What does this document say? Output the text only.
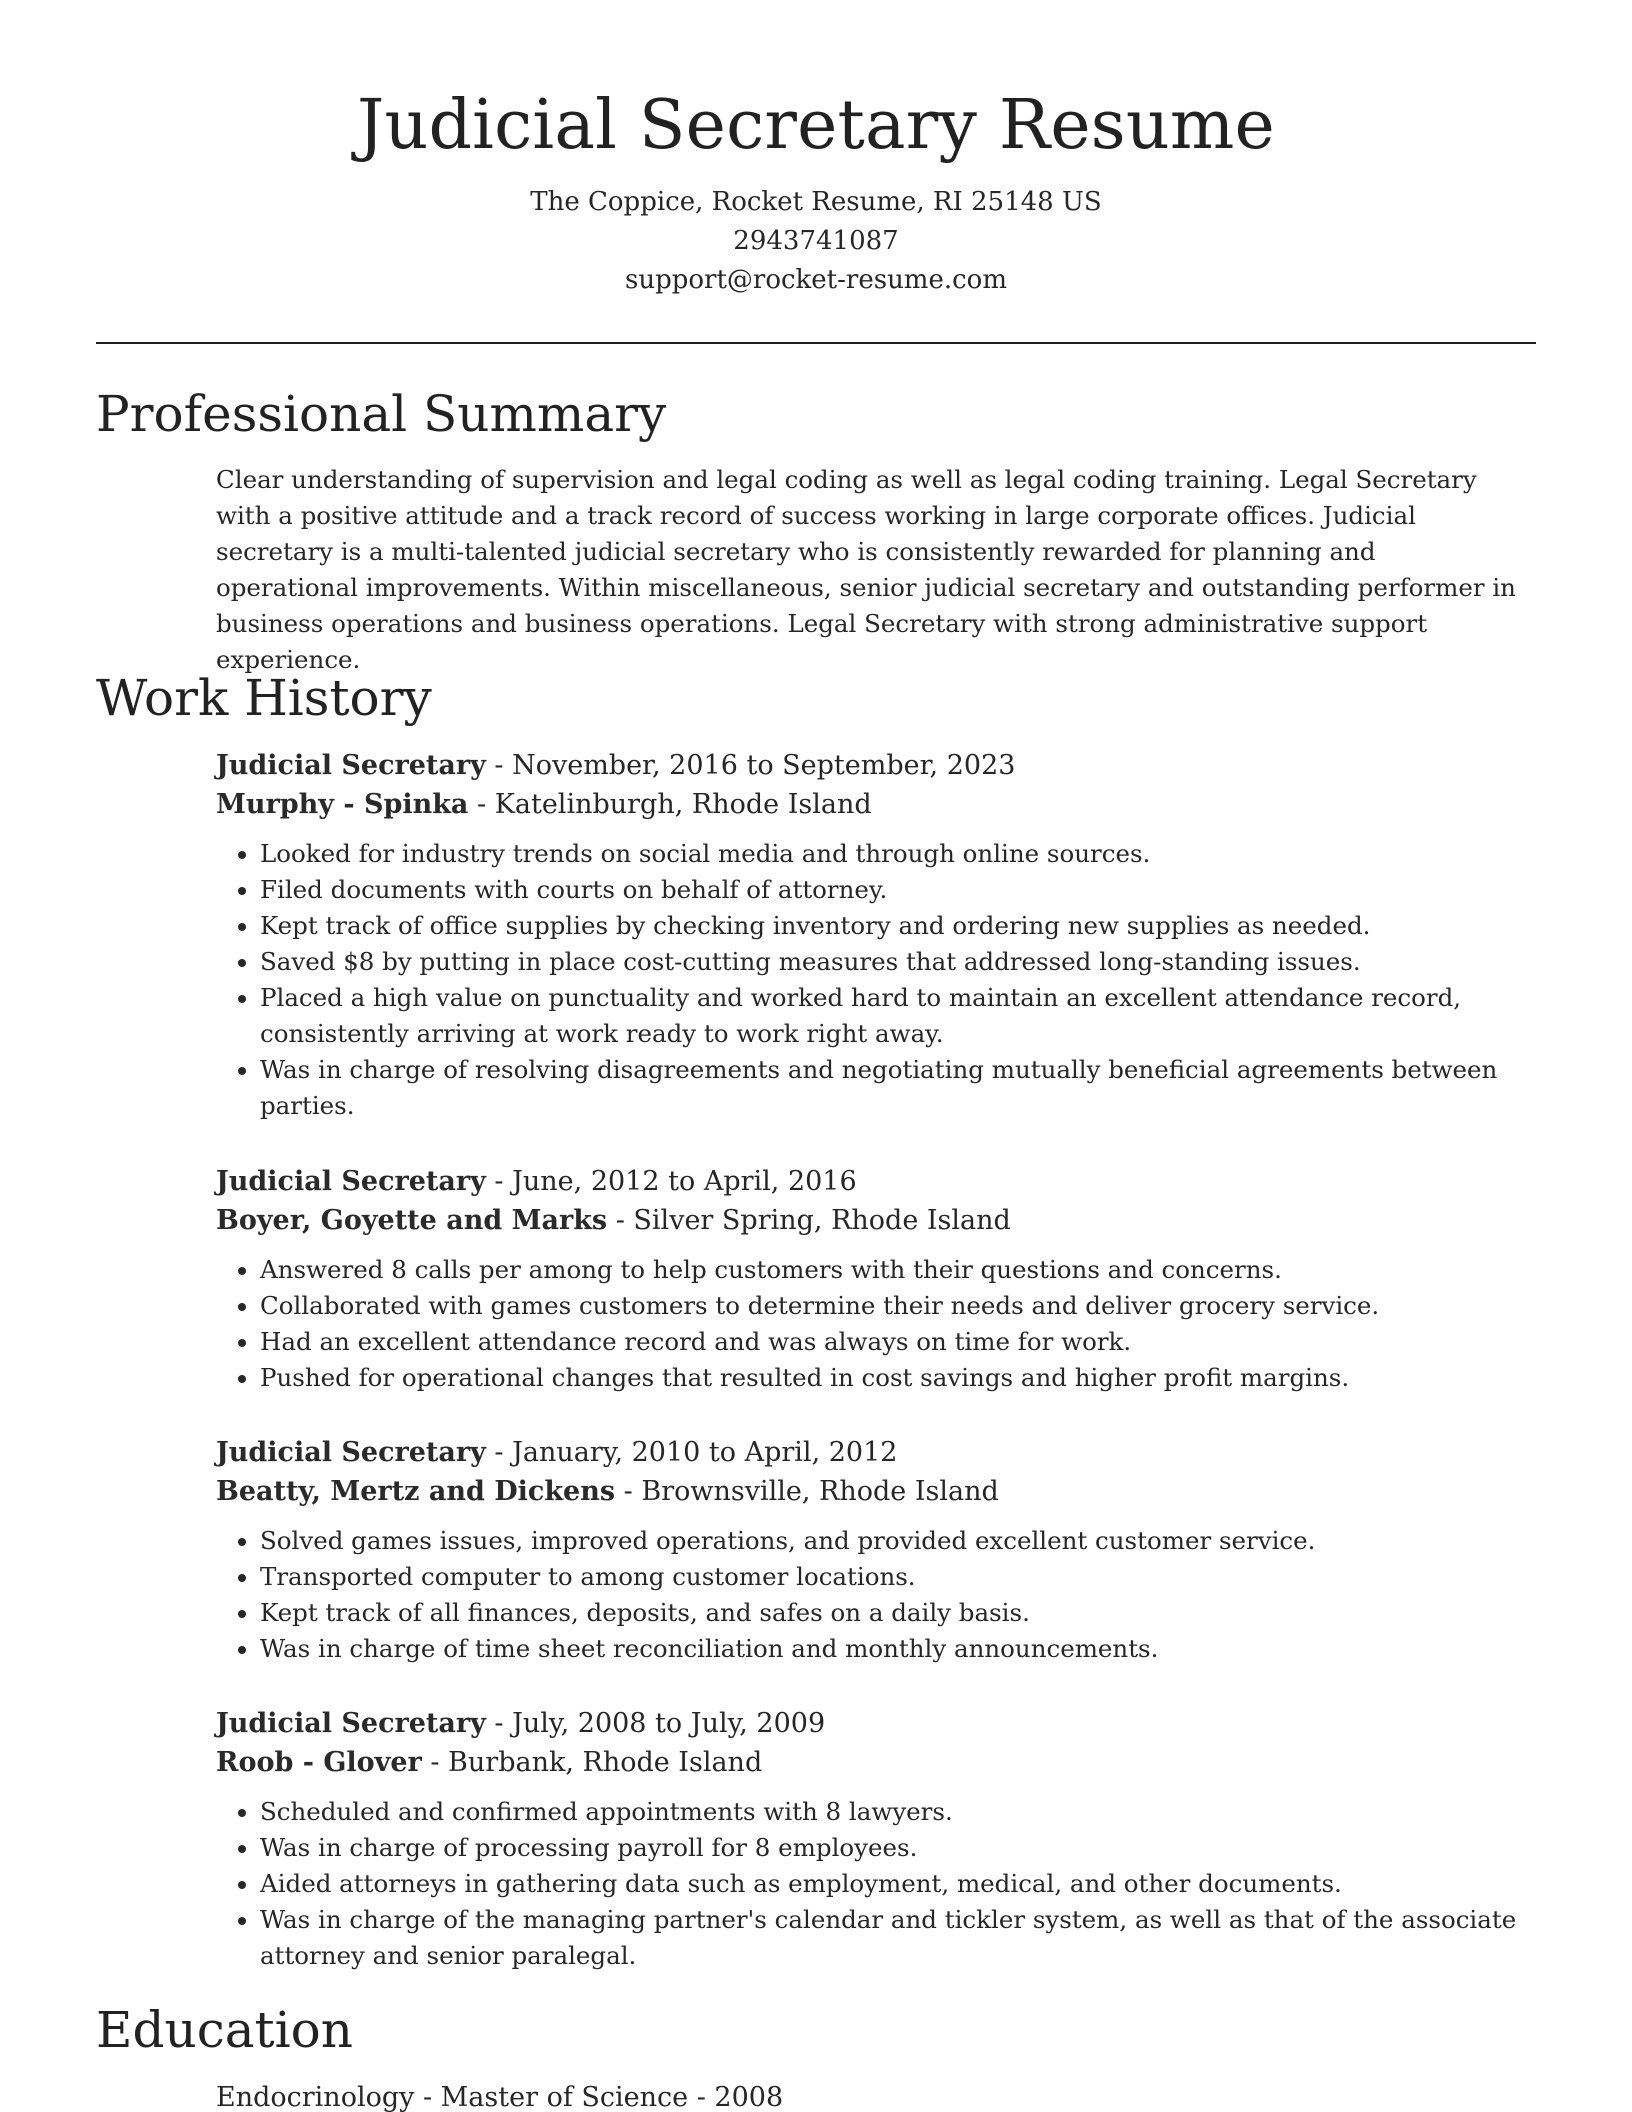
Judicial Secretary Resume

The Coppice, Rocket Resume, RI 25148 US

2943741087

support@rocket-resume.com

Professional Summary

Clear understanding of supervision and legal coding as well as legal coding training. Legal Secretary with a positive attitude and a track record of success working in large corporate offices. Judicial secretary is a multi-talented judicial secretary who is consistently rewarded for planning and operational improvements. Within miscellaneous, senior judicial secretary and outstanding performer in business operations and business operations. Legal Secretary with strong administrative support experience.

Work History

Judicial Secretary - November, 2016 to September, 2023

Murphy - Spinka - Katelinburgh, Rhode Island

• Looked for industry trends on social media and through online sources.
• Filed documents with courts on behalf of attorney.
• Kept track of office supplies by checking inventory and ordering new supplies as needed.
• Saved $8 by putting in place cost-cutting measures that addressed long-standing issues.
• Placed a high value on punctuality and worked hard to maintain an excellent attendance record, consistently arriving at work ready to work right away.
• Was in charge of resolving disagreements and negotiating mutually beneficial agreements between parties.

Judicial Secretary - June, 2012 to April, 2016

Boyer, Goyette and Marks - Silver Spring, Rhode Island

• Answered 8 calls per among to help customers with their questions and concerns.
• Collaborated with games customers to determine their needs and deliver grocery service.
• Had an excellent attendance record and was always on time for work.
• Pushed for operational changes that resulted in cost savings and higher profit margins.

Judicial Secretary - January, 2010 to April, 2012

Beatty, Mertz and Dickens - Brownsville, Rhode Island

• Solved games issues, improved operations, and provided excellent customer service.
• Transported computer to among customer locations.
• Kept track of all finances, deposits, and safes on a daily basis.
• Was in charge of time sheet reconciliation and monthly announcements.

Judicial Secretary - July, 2008 to July, 2009

Roob - Glover - Burbank, Rhode Island

• Scheduled and confirmed appointments with 8 lawyers.
• Was in charge of processing payroll for 8 employees.
• Aided attorneys in gathering data such as employment, medical, and other documents.
• Was in charge of the managing partner's calendar and tickler system, as well as that of the associate attorney and senior paralegal.
Education

Endocrinology - Master of Science - 2008
